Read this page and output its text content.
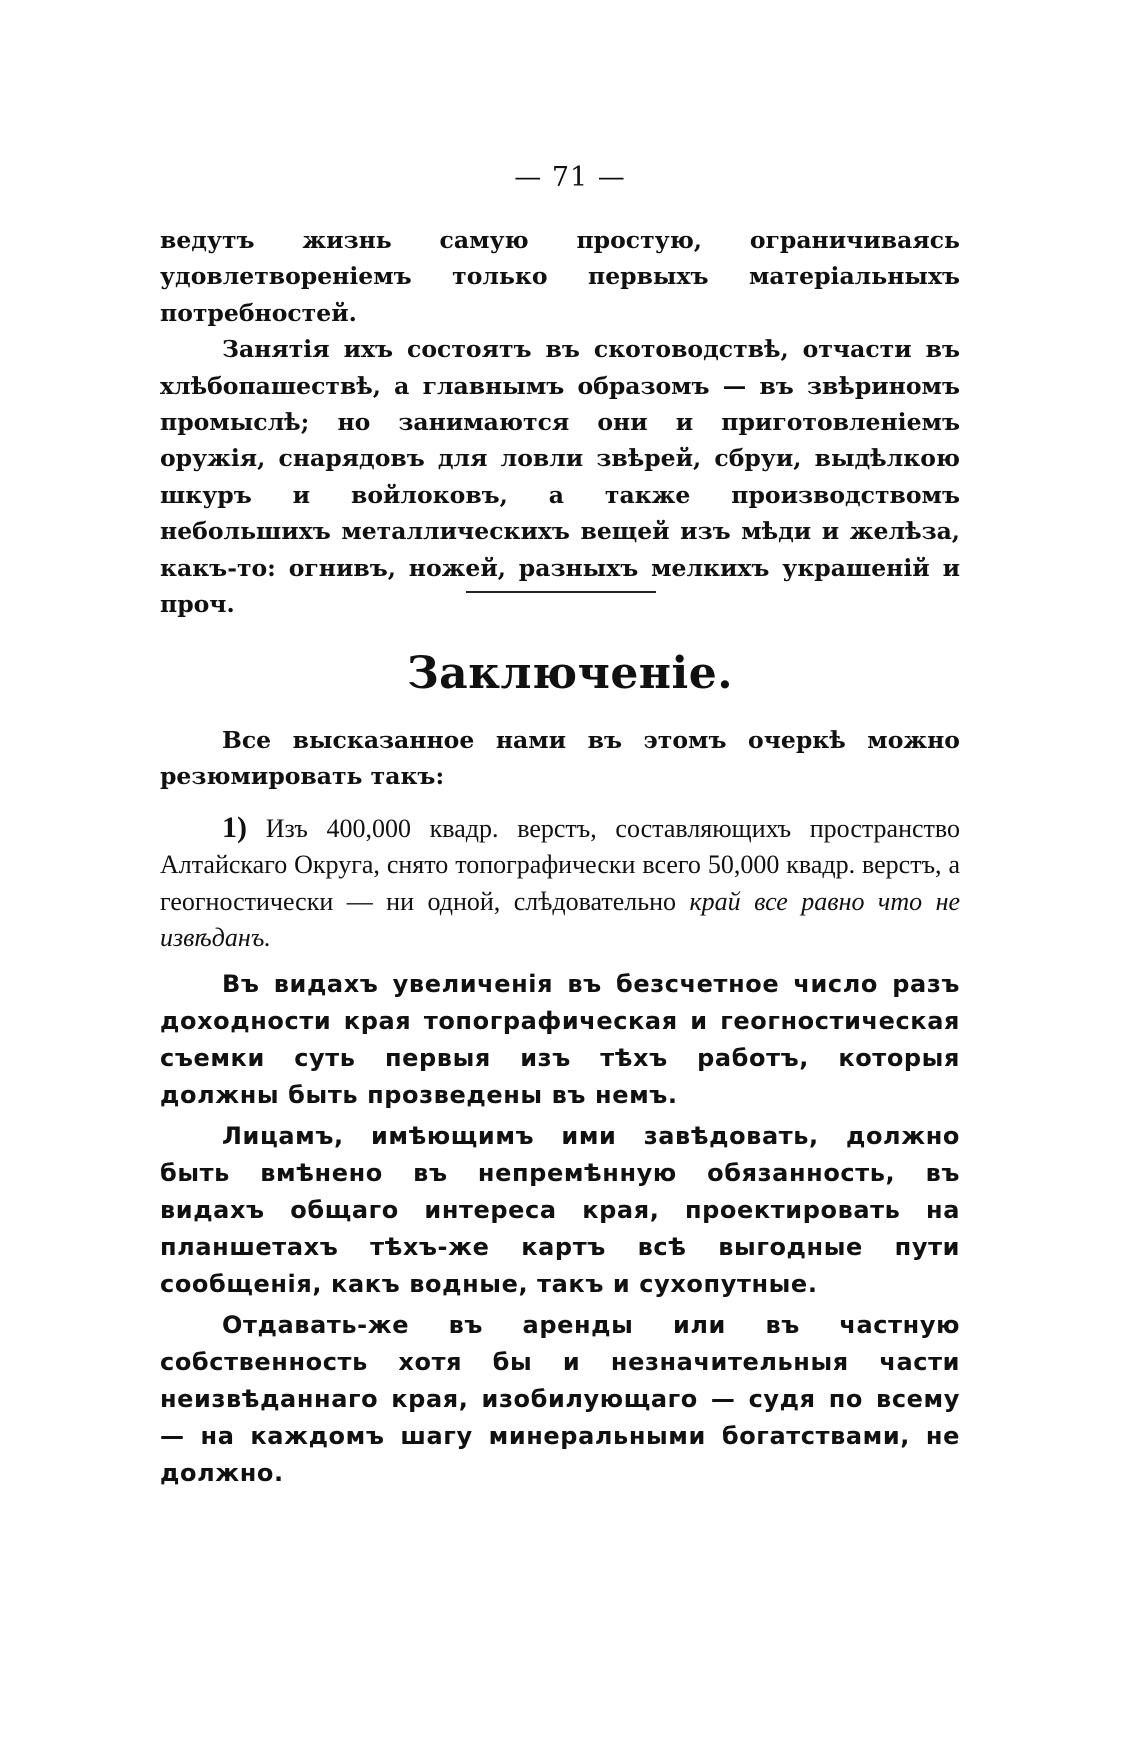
— 71 —

ведутъ жизнь самую простую, ограничиваясь удовлетвореніемъ только первыхъ матеріальныхъ потребностей.

Занятія ихъ состоятъ въ скотоводствѣ, отчасти въ хлѣбопашествѣ, а главнымъ образомъ — въ звѣриномъ промыслѣ; но занимаются они и приготовленіемъ оружія, снарядовъ для ловли звѣрей, сбруи, выдѣлкою шкуръ и войлоковъ, а также производствомъ небольшихъ металлическихъ вещей изъ мѣди и желѣза, какъ-то: огнивъ, ножей, разныхъ мелкихъ украшеній и проч.

Заключеніе.

Все высказанное нами въ этомъ очеркѣ можно резюмировать такъ:

1) Изъ 400,000 квадр. верстъ, составляющихъ пространство Алтайскаго Округа, снято топографически всего 50,000 квадр. верстъ, а геогностически — ни одной, слѣдовательно край все равно что не извѣданъ.

Въ видахъ увеличенія въ безсчетное число разъ доходности края топографическая и геогностическая съемки суть первыя изъ тѣхъ работъ, которыя должны быть прозведены въ немъ.

Лицамъ, имѣющимъ ими завѣдовать, должно быть вмѣнено въ непремѣнную обязанность, въ видахъ общаго интереса края, проектировать на планшетахъ тѣхъ-же картъ всѣ выгодные пути сообщенія, какъ водные, такъ и сухопутные.

Отдавать-же въ аренды или въ частную собственность хотя бы и незначительныя части неизвѣданнаго края, изобилующаго — судя по всему — на каждомъ шагу минеральными богатствами, не должно.
